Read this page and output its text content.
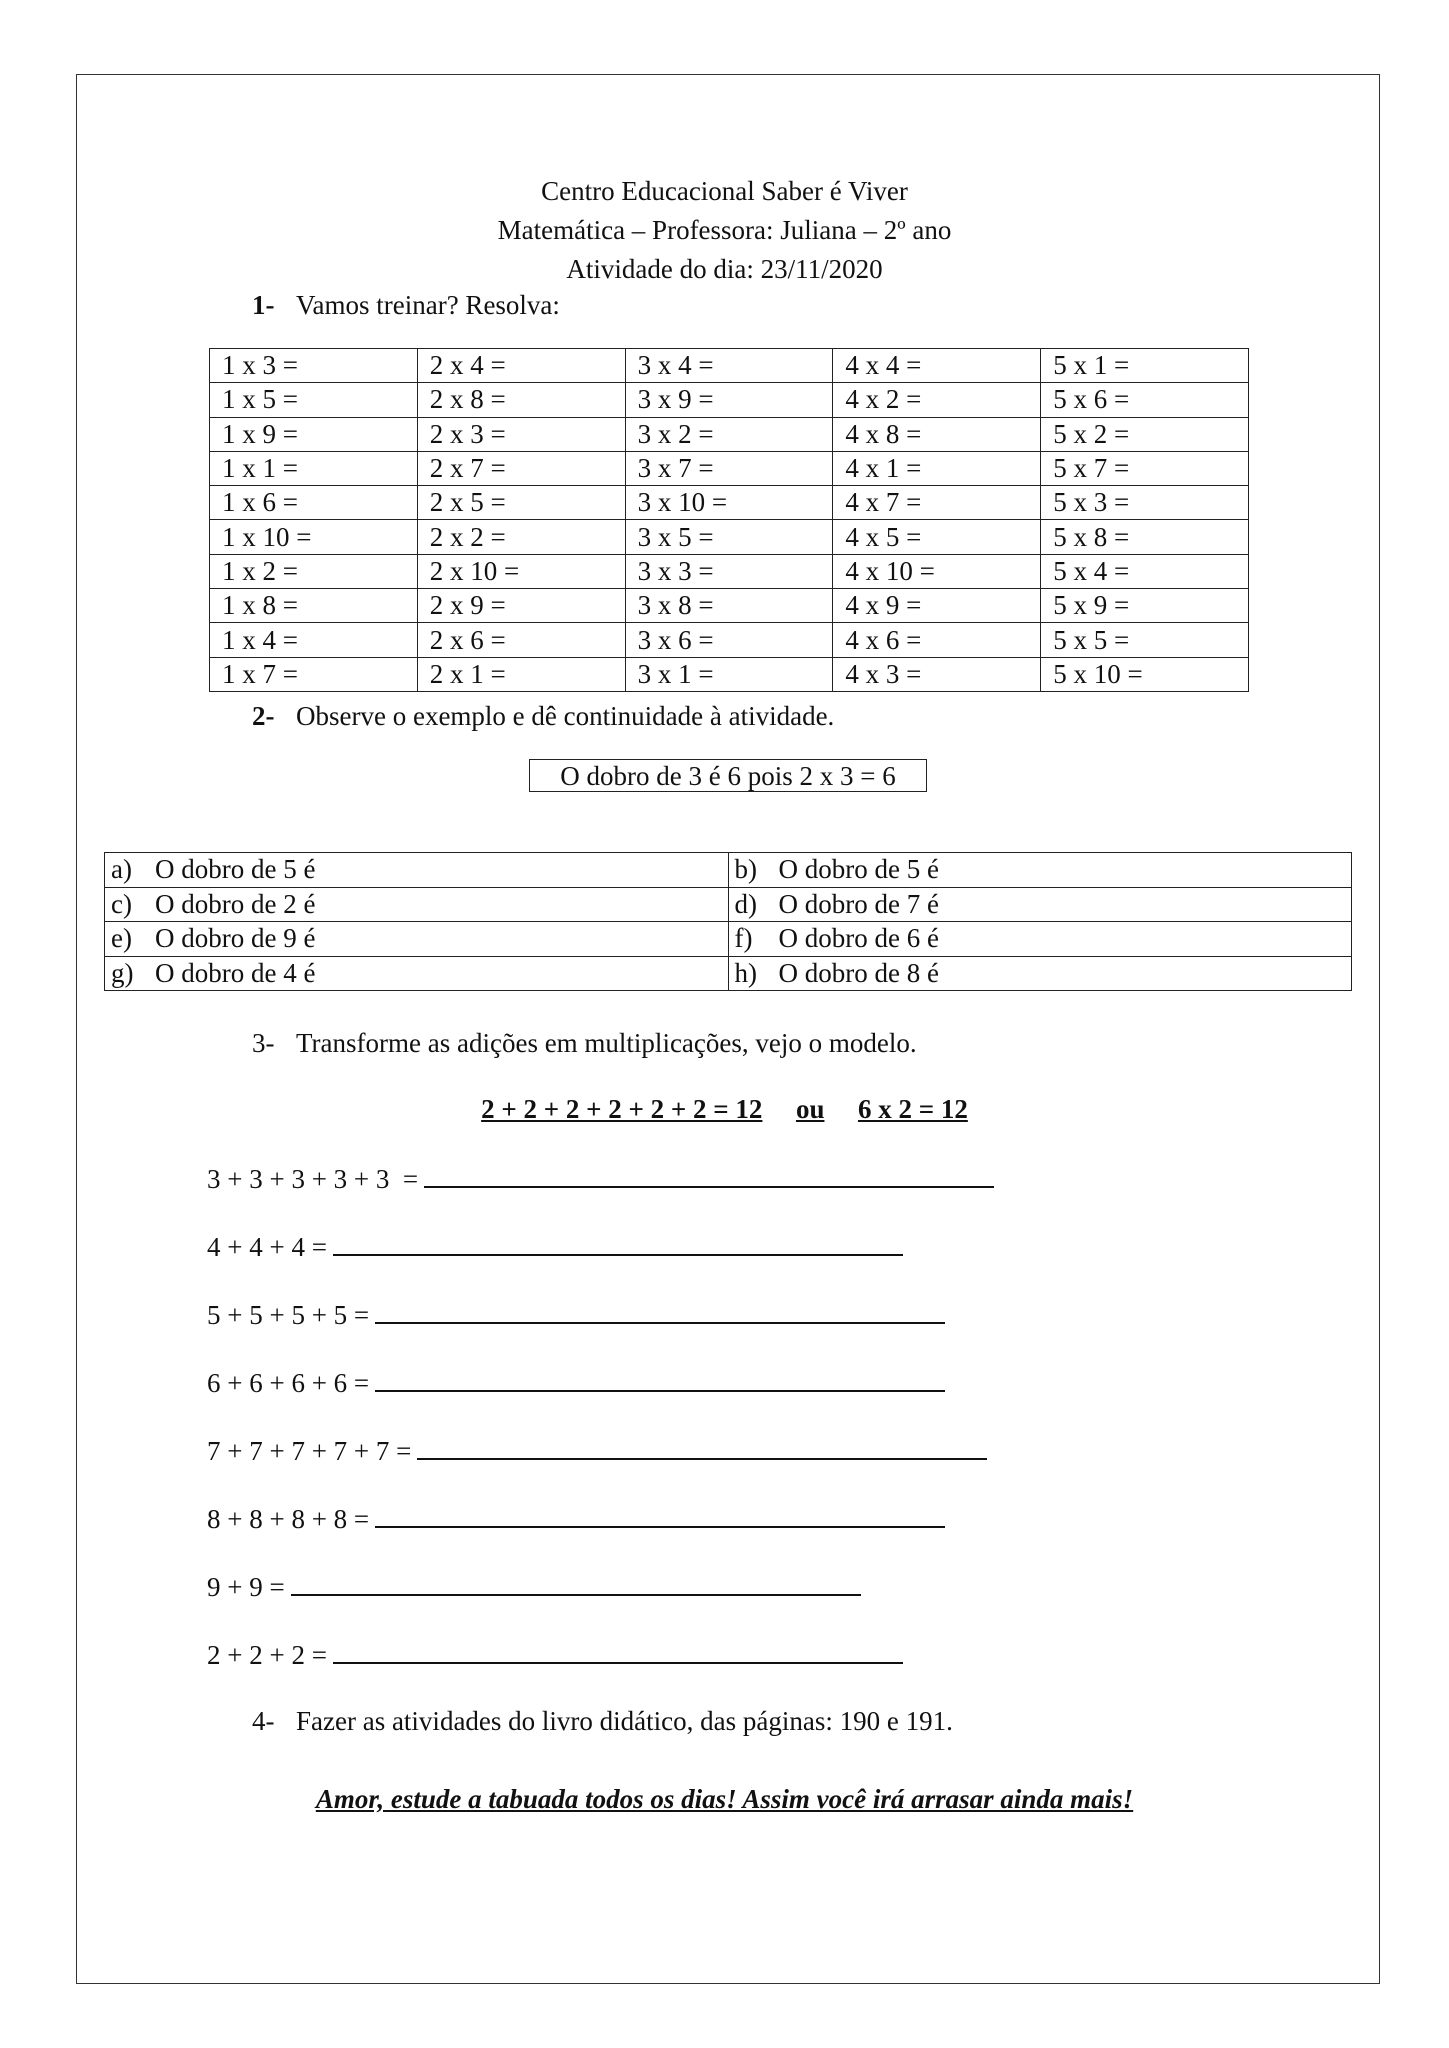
Centro Educacional Saber é Viver
Matemática – Professora: Juliana – 2º ano
Atividade do dia: 23/11/2020
1- Vamos treinar? Resolva:
1 x 3 =	2 x 4 =	3 x 4 =	4 x 4 =	5 x 1 =
1 x 5 =	2 x 8 =	3 x 9 =	4 x 2 =	5 x 6 =
1 x 9 =	2 x 3 =	3 x 2 =	4 x 8 =	5 x 2 =
1 x 1 =	2 x 7 =	3 x 7 =	4 x 1 =	5 x 7 =
1 x 6 =	2 x 5 =	3 x 10 =	4 x 7 =	5 x 3 =
1 x 10 =	2 x 2 =	3 x 5 =	4 x 5 =	5 x 8 =
1 x 2 =	2 x 10 =	3 x 3 =	4 x 10 =	5 x 4 =
1 x 8 =	2 x 9 =	3 x 8 =	4 x 9 =	5 x 9 =
1 x 4 =	2 x 6 =	3 x 6 =	4 x 6 =	5 x 5 =
1 x 7 =	2 x 1 =	3 x 1 =	4 x 3 =	5 x 10 =
2- Observe o exemplo e dê continuidade à atividade.
O dobro de 3 é 6 pois 2 x 3 = 6
a) O dobro de 5 é	b) O dobro de 5 é
c) O dobro de 2 é	d) O dobro de 7 é
e) O dobro de 9 é	f) O dobro de 6 é
g) O dobro de 4 é	h) O dobro de 8 é
3- Transforme as adições em multiplicações, vejo o modelo.
2 + 2 + 2 + 2 + 2 + 2 = 12 ou 6 x 2 = 12
3 + 3 + 3 + 3 + 3  =
4 + 4 + 4 =
5 + 5 + 5 + 5 =
6 + 6 + 6 + 6 =
7 + 7 + 7 + 7 + 7 =
8 + 8 + 8 + 8 =
9 + 9 =
2 + 2 + 2 =
4- Fazer as atividades do livro didático, das páginas: 190 e 191.
Amor, estude a tabuada todos os dias! Assim você irá arrasar ainda mais!
